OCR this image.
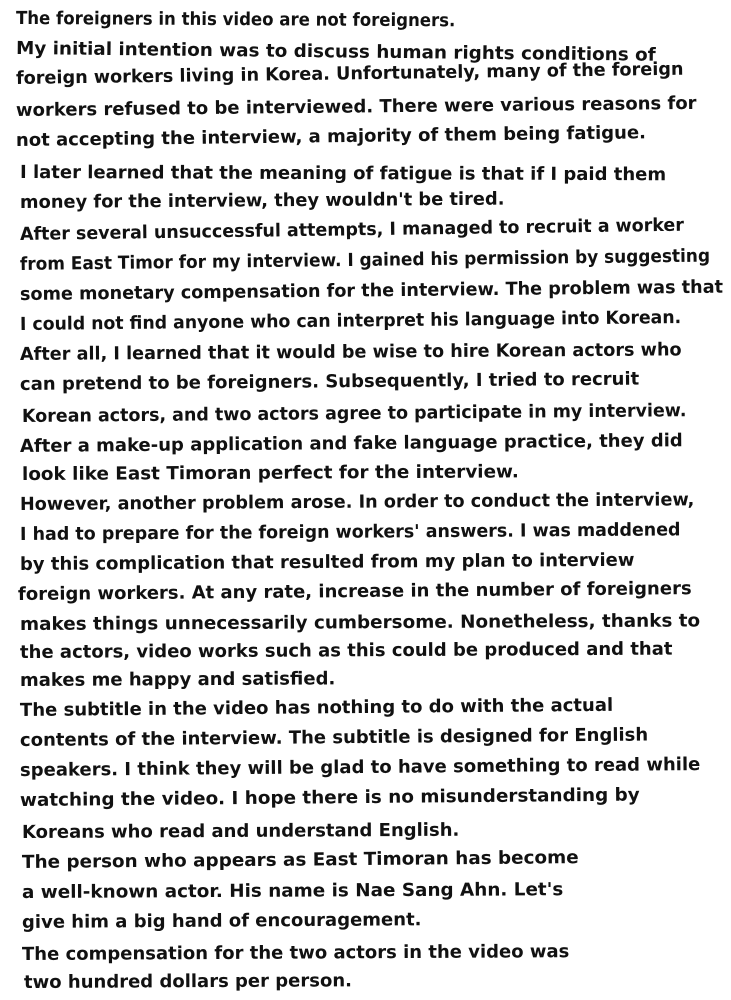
The foreigners in this video are not foreigners.
My initial intention was to discuss human rights conditions of
foreign workers living in Korea. Unfortunately, many of the foreign
workers refused to be interviewed. There were various reasons for
not accepting the interview, a majority of them being fatigue.
I later learned that the meaning of fatigue is that if I paid them
money for the interview, they wouldn't be tired.
After several unsuccessful attempts, I managed to recruit a worker
from East Timor for my interview. I gained his permission by suggesting
some monetary compensation for the interview. The problem was that
I could not find anyone who can interpret his language into Korean.
After all, I learned that it would be wise to hire Korean actors who
can pretend to be foreigners. Subsequently, I tried to recruit
Korean actors, and two actors agree to participate in my interview.
After a make-up application and fake language practice, they did
look like East Timoran perfect for the interview.
However, another problem arose. In order to conduct the interview,
I had to prepare for the foreign workers' answers. I was maddened
by this complication that resulted from my plan to interview
foreign workers. At any rate, increase in the number of foreigners
makes things unnecessarily cumbersome. Nonetheless, thanks to
the actors, video works such as this could be produced and that
makes me happy and satisfied.
The subtitle in the video has nothing to do with the actual
contents of the interview. The subtitle is designed for English
speakers. I think they will be glad to have something to read while
watching the video. I hope there is no misunderstanding by
Koreans who read and understand English.
The person who appears as East Timoran has become
a well-known actor. His name is Nae Sang Ahn. Let's
give him a big hand of encouragement.
The compensation for the two actors in the video was
two hundred dollars per person.
